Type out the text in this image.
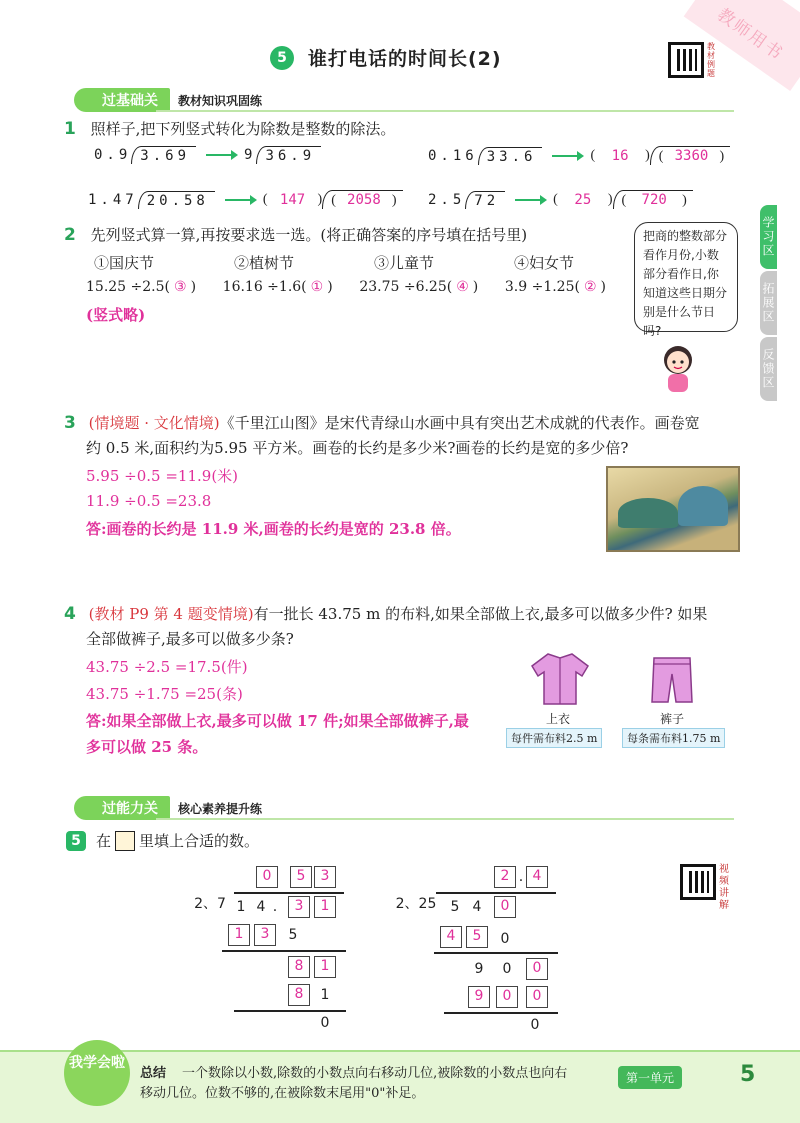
教师用书
5	谁打电话的时间长(2)
教材例题
过基础关	教材知识巩固练
1 照样子,把下列竖式转化为除数是整数的除法。
0.9 3.69	9 36.9	0.16 33.6	(	16	) ( 3360 )
1.47 20.58	( 147 ) ( 2058 )	2.5 72	(	25	) ( 720 )
2 先列竖式算一算,再按要求选一选。(将正确答案的序号填在括号里)
①国庆节	②植树节	③儿童节	④妇女节
15.25 ÷2.5( ③ ) 16.16 ÷1.6( ① ) 23.75 ÷6.25( ④ ) 3.9 ÷1.25( ② )
(竖式略)
把商的整数部分看作月份,小数部分看作日,你知道这些日期分别是什么节日吗?
学习区
拓展区
反馈区
3 (情境题 · 文化情境)《千里江山图》是宋代青绿山水画中具有突出艺术成就的代表作。画卷宽
约 0.5 米,面积约为5.95 平方米。画卷的长约是多少米?画卷的长约是宽的多少倍?
5.95 ÷0.5 =11.9(米)
11.9 ÷0.5 =23.8
答:画卷的长约是 11.9 米,画卷的长约是宽的 23.8 倍。
4 (教材 P9 第 4 题变情境)有一批长 43.75 m 的布料,如果全部做上衣,最多可以做多少件? 如果
全部做裤子,最多可以做多少条?
43.75 ÷2.5 =17.5(件)
43.75 ÷1.75 =25(条)
答:如果全部做上衣,最多可以做 17 件;如果全部做裤子,最
多可以做 25 条。
上衣
每件需布料2.5 m
裤子
每条需布料1.75 m
过能力关	核心素养提升练
5	在 里填上合适的数。
视频讲解
0	5	3
2、7 1 4 .	3	1
1	3	5
8	1
8	1
0
2 . 4
2、25	5 4	0
4	5	0
9	0	0
9	0	0
0
我学会啦
总结 一个数除以小数,除数的小数点向右移动几位,被除数的小数点也向右
移动几位。位数不够的,在被除数末尾用"0"补足。
第一单元	5
